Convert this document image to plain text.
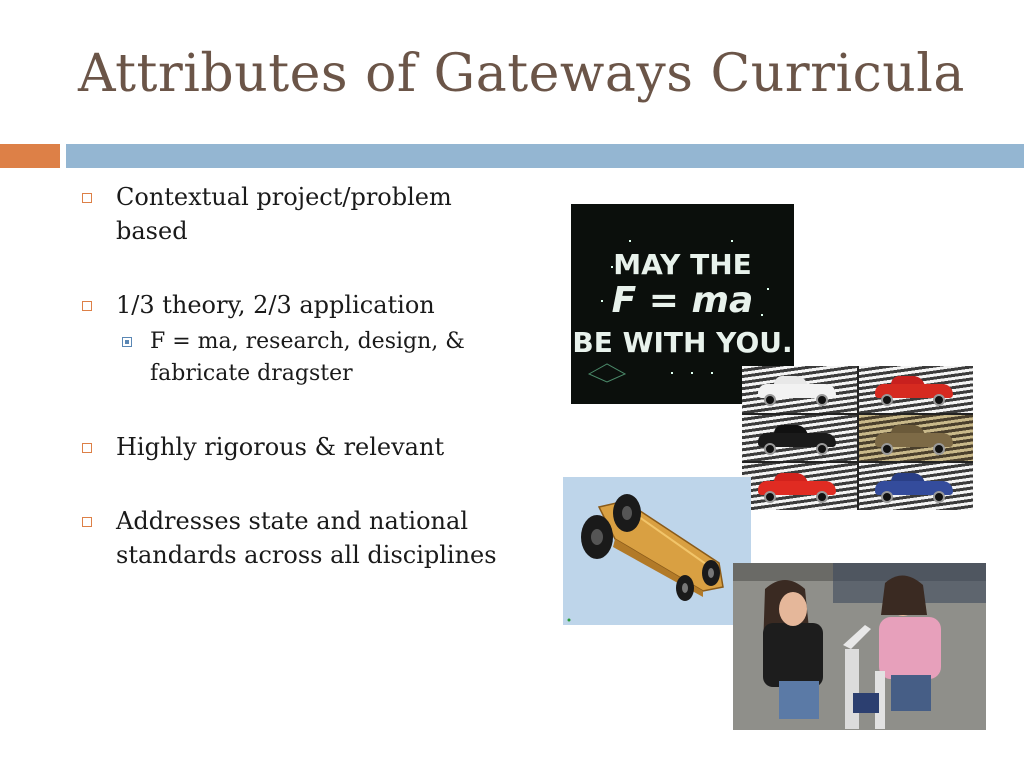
Attributes of Gateways Curricula
Contextual project/problem based
1/3 theory, 2/3 application
F = ma, research, design, & fabricate dragster
Highly rigorous & relevant
Addresses state and national standards across all disciplines
MAY THE
F = ma
BE WITH YOU.
